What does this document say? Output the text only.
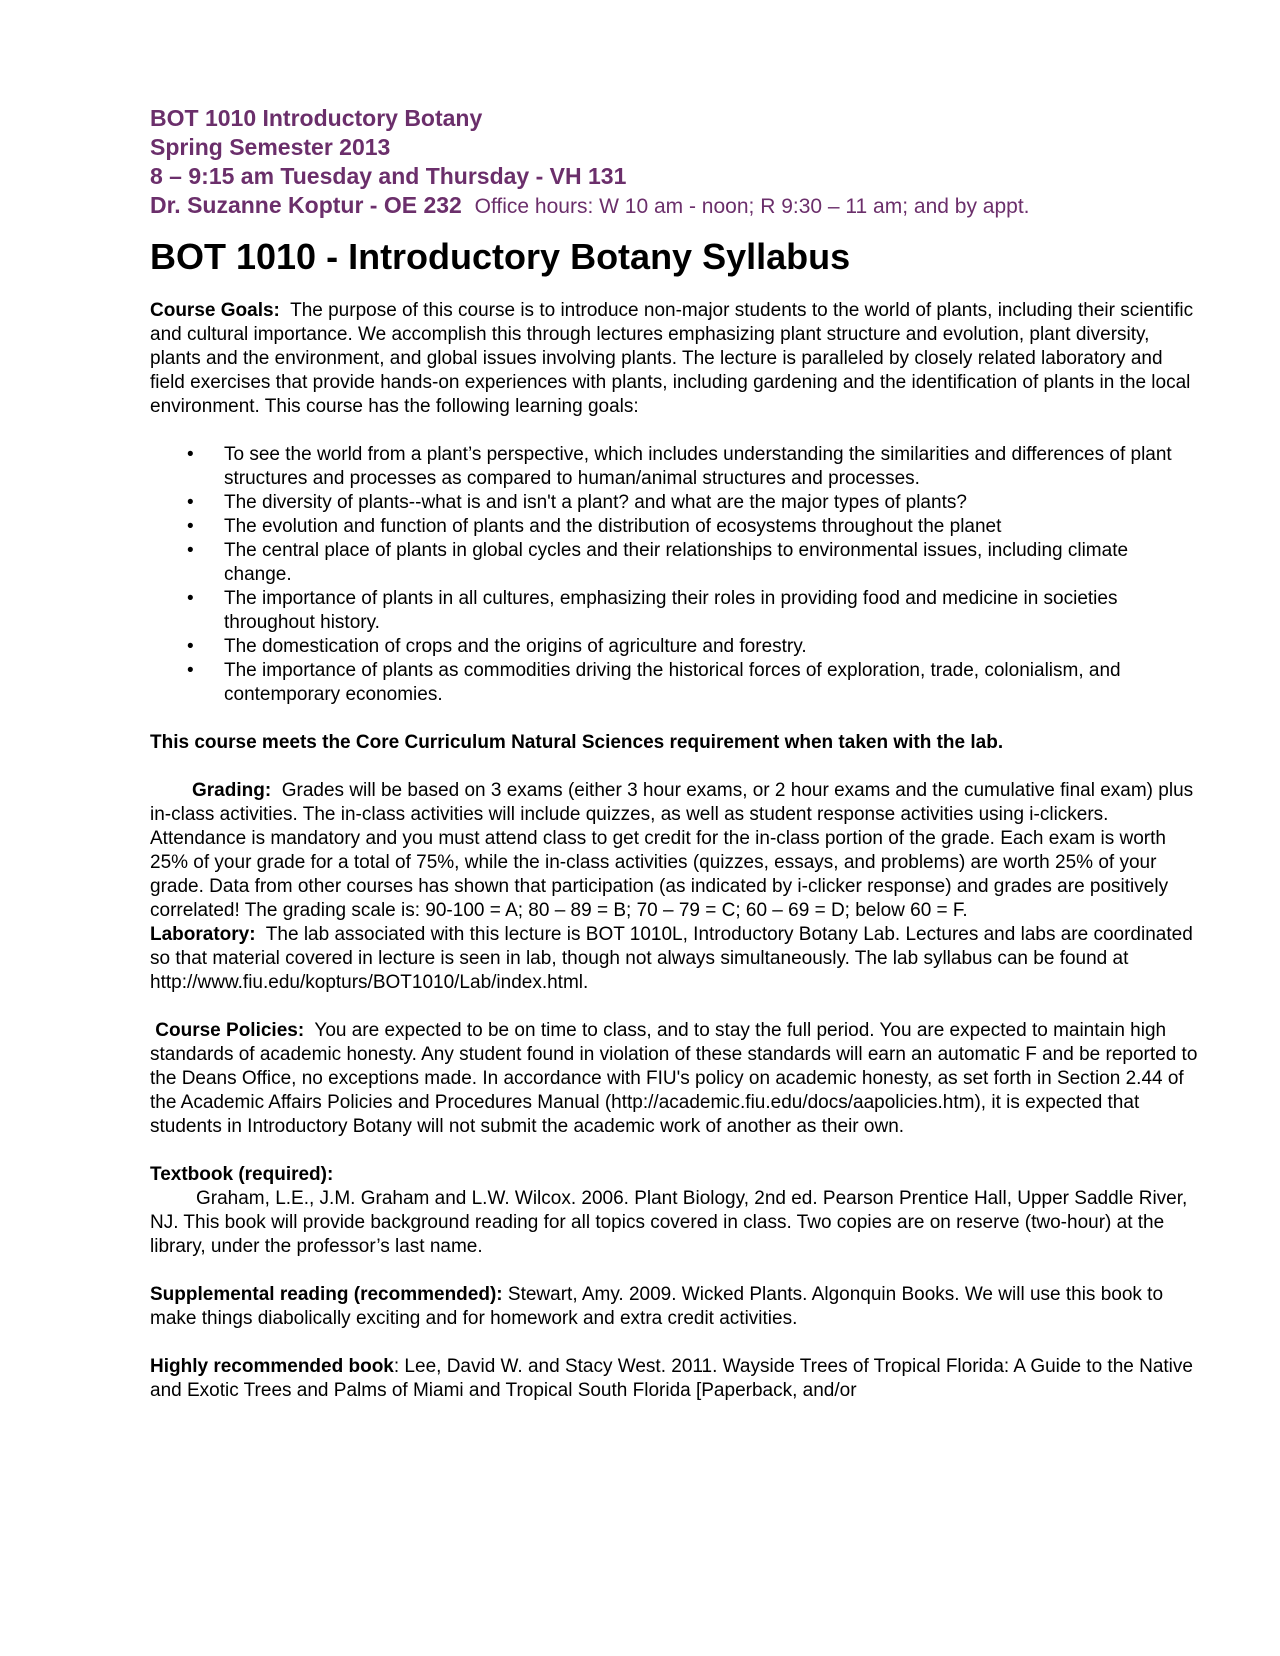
BOT 1010 Introductory Botany
Spring Semester 2013
8 – 9:15 am Tuesday and Thursday - VH 131
Dr. Suzanne Koptur - OE 232 Office hours: W 10 am - noon; R 9:30 – 11 am; and by appt.
BOT 1010 - Introductory Botany Syllabus

Course Goals: The purpose of this course is to introduce non-major students to the world of plants, including their scientific and cultural importance. We accomplish this through lectures emphasizing plant structure and evolution, plant diversity, plants and the environment, and global issues involving plants. The lecture is paralleled by closely related laboratory and field exercises that provide hands-on experiences with plants, including gardening and the identification of plants in the local environment. This course has the following learning goals:

• To see the world from a plant’s perspective, which includes understanding the similarities and differences of plant structures and processes as compared to human/animal structures and processes.
• The diversity of plants--what is and isn't a plant? and what are the major types of plants?
• The evolution and function of plants and the distribution of ecosystems throughout the planet
• The central place of plants in global cycles and their relationships to environmental issues, including climate change.
• The importance of plants in all cultures, emphasizing their roles in providing food and medicine in societies throughout history.
• The domestication of crops and the origins of agriculture and forestry.
• The importance of plants as commodities driving the historical forces of exploration, trade, colonialism, and contemporary economies.

This course meets the Core Curriculum Natural Sciences requirement when taken with the lab.

Grading: Grades will be based on 3 exams (either 3 hour exams, or 2 hour exams and the cumulative final exam) plus in-class activities. The in-class activities will include quizzes, as well as student response activities using i-clickers. Attendance is mandatory and you must attend class to get credit for the in-class portion of the grade. Each exam is worth 25% of your grade for a total of 75%, while the in-class activities (quizzes, essays, and problems) are worth 25% of your grade. Data from other courses has shown that participation (as indicated by i-clicker response) and grades are positively correlated! The grading scale is: 90-100 = A; 80 – 89 = B; 70 – 79 = C; 60 – 69 = D; below 60 = F.

Laboratory: The lab associated with this lecture is BOT 1010L, Introductory Botany Lab. Lectures and labs are coordinated so that material covered in lecture is seen in lab, though not always simultaneously. The lab syllabus can be found at http://www.fiu.edu/kopturs/BOT1010/Lab/index.html.

Course Policies: You are expected to be on time to class, and to stay the full period. You are expected to maintain high standards of academic honesty. Any student found in violation of these standards will earn an automatic F and be reported to the Deans Office, no exceptions made. In accordance with FIU's policy on academic honesty, as set forth in Section 2.44 of the Academic Affairs Policies and Procedures Manual (http://academic.fiu.edu/docs/aapolicies.htm), it is expected that students in Introductory Botany will not submit the academic work of another as their own.

Textbook (required):

Graham, L.E., J.M. Graham and L.W. Wilcox. 2006. Plant Biology, 2nd ed. Pearson Prentice Hall, Upper Saddle River, NJ. This book will provide background reading for all topics covered in class. Two copies are on reserve (two-hour) at the library, under the professor’s last name.

Supplemental reading (recommended): Stewart, Amy. 2009. Wicked Plants. Algonquin Books. We will use this book to make things diabolically exciting and for homework and extra credit activities.

Highly recommended book: Lee, David W. and Stacy West. 2011. Wayside Trees of Tropical Florida: A Guide to the Native and Exotic Trees and Palms of Miami and Tropical South Florida [Paperback, and/or
